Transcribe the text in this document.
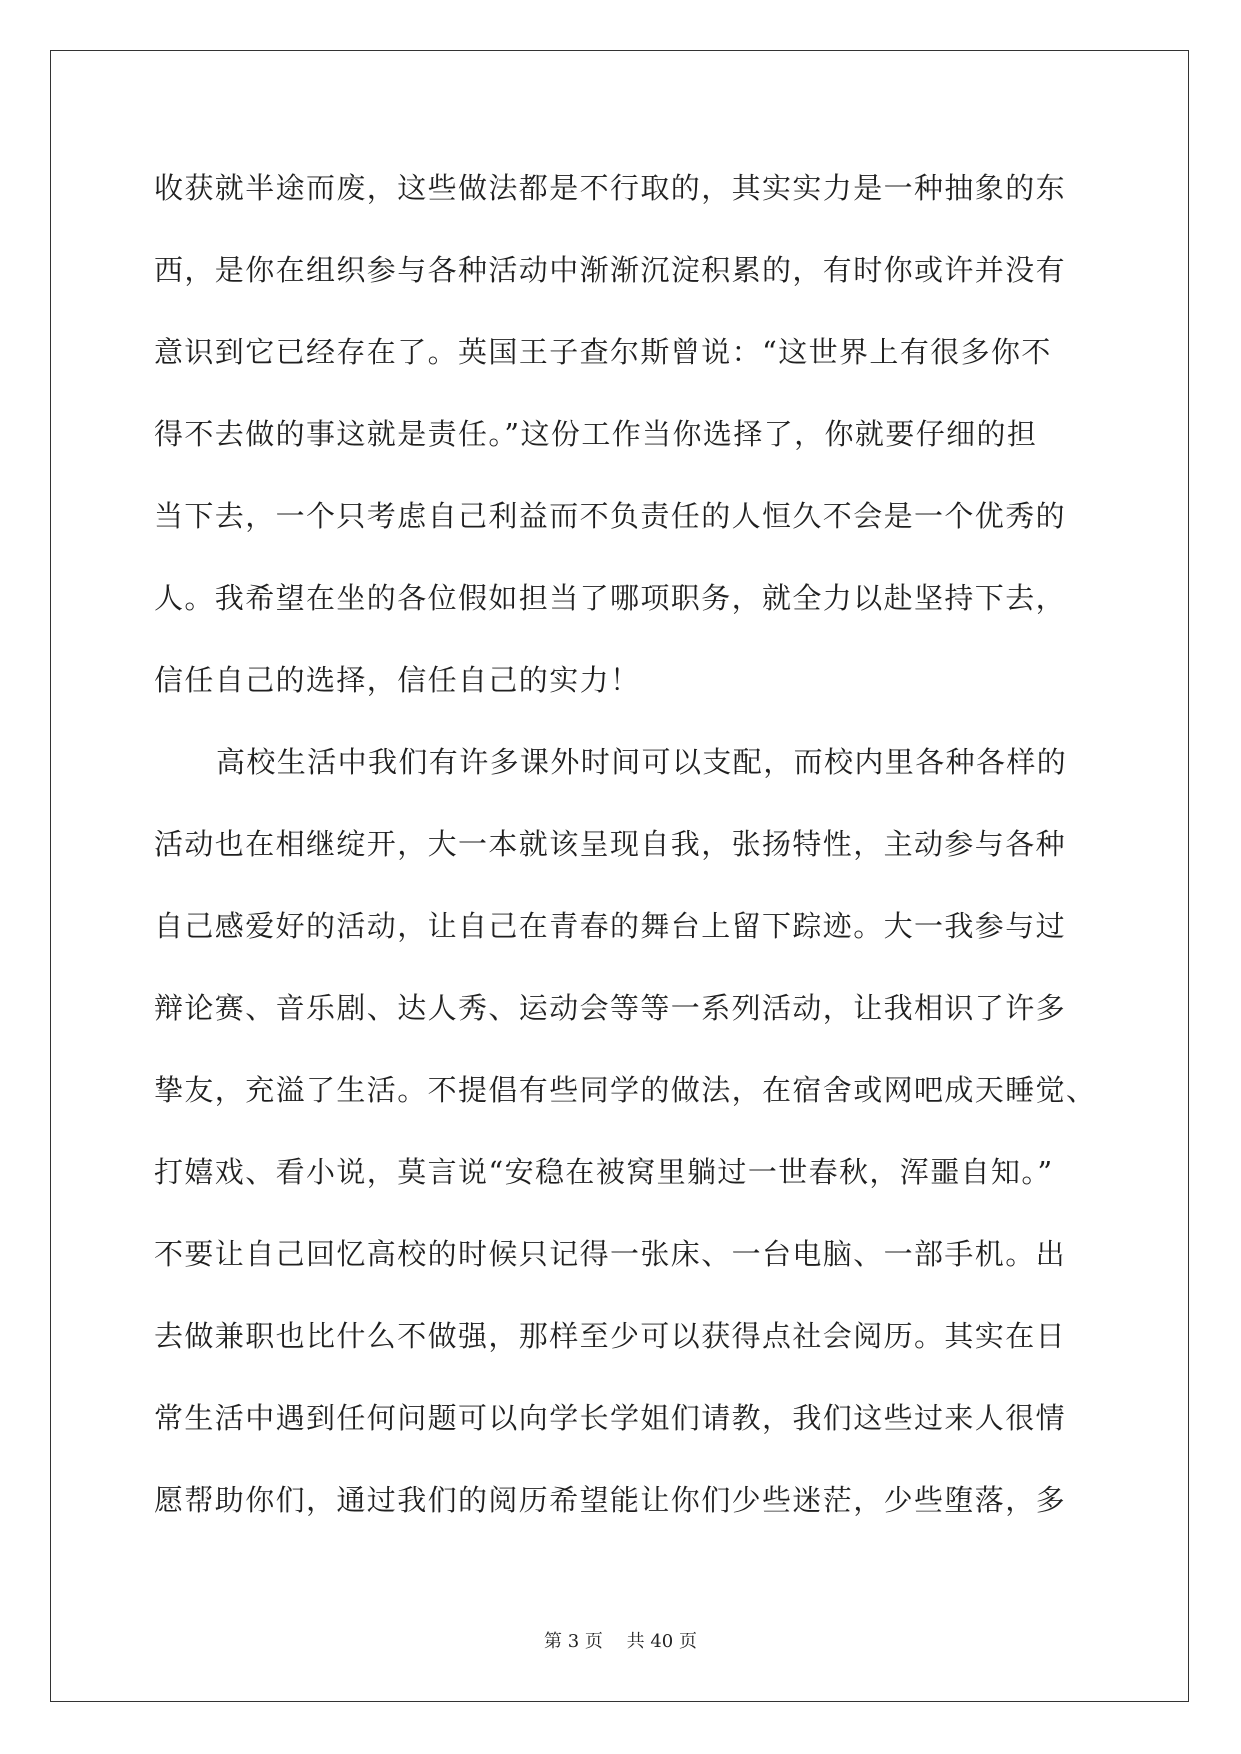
收获就半途而废，这些做法都是不行取的，其实实力是一种抽象的东
西，是你在组织参与各种活动中渐渐沉淀积累的，有时你或许并没有
意识到它已经存在了。英国王子查尔斯曾说：“这世界上有很多你不
得不去做的事这就是责任。”这份工作当你选择了，你就要仔细的担
当下去，一个只考虑自己利益而不负责任的人恒久不会是一个优秀的
人。我希望在坐的各位假如担当了哪项职务，就全力以赴坚持下去，
信任自己的选择，信任自己的实力！
高校生活中我们有许多课外时间可以支配，而校内里各种各样的
活动也在相继绽开，大一本就该呈现自我，张扬特性，主动参与各种
自己感爱好的活动，让自己在青春的舞台上留下踪迹。大一我参与过
辩论赛、音乐剧、达人秀、运动会等等一系列活动，让我相识了许多
挚友，充溢了生活。不提倡有些同学的做法，在宿舍或网吧成天睡觉、
打嬉戏、看小说，莫言说“安稳在被窝里躺过一世春秋，浑噩自知。”
不要让自己回忆高校的时候只记得一张床、一台电脑、一部手机。出
去做兼职也比什么不做强，那样至少可以获得点社会阅历。其实在日
常生活中遇到任何问题可以向学长学姐们请教，我们这些过来人很情
愿帮助你们，通过我们的阅历希望能让你们少些迷茫，少些堕落，多
第 3 页　 共 40 页
